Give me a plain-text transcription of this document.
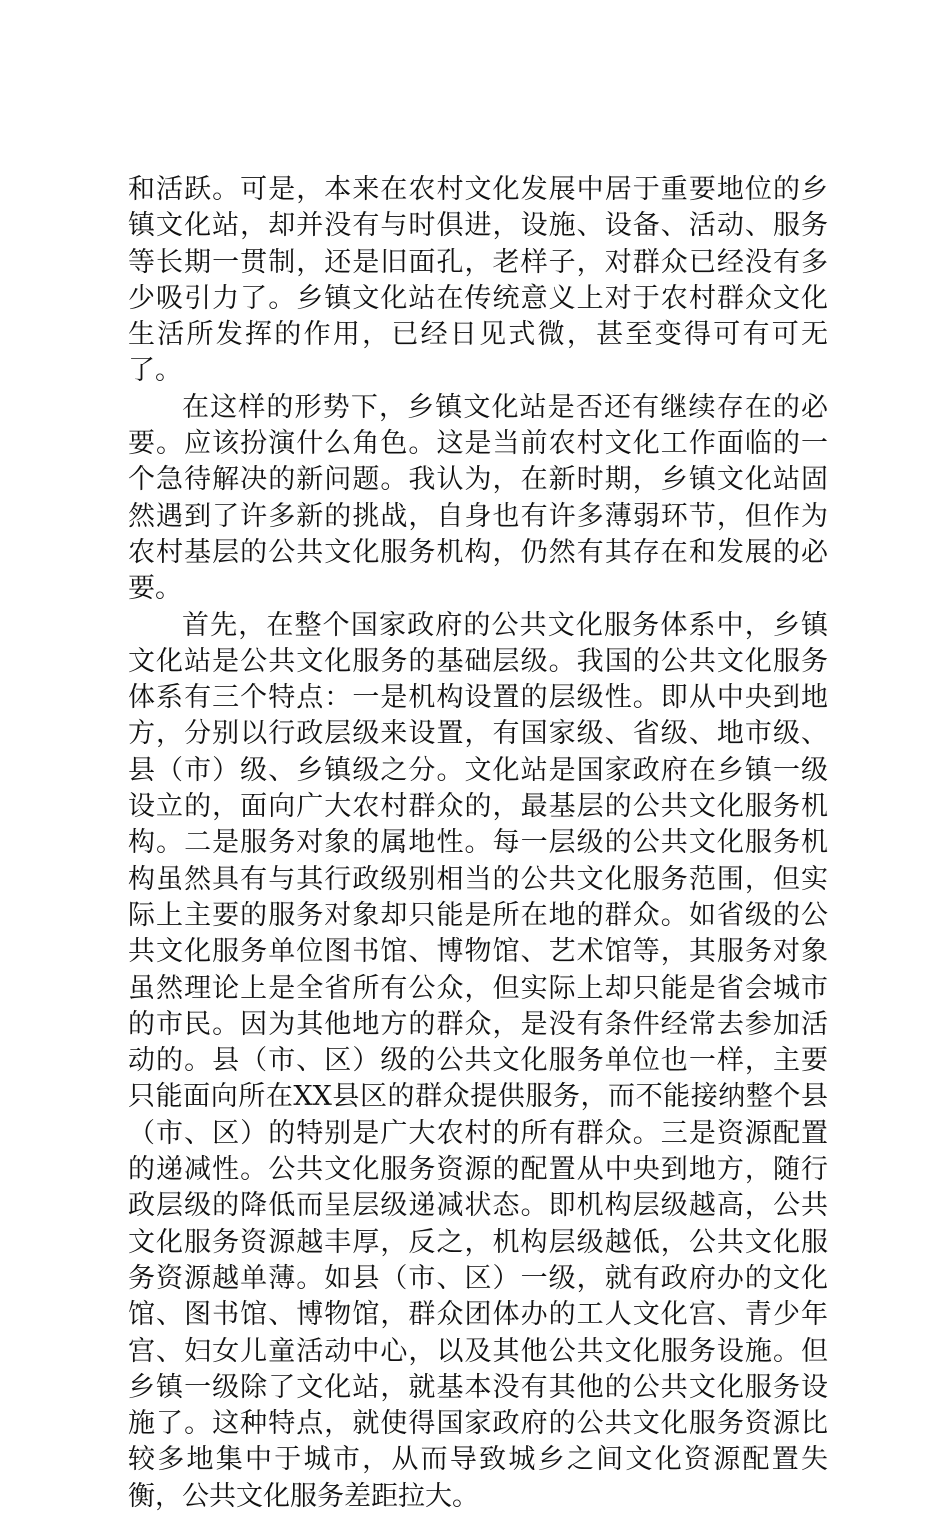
和活跃。可是，本来在农村文化发展中居于重要地位的乡镇文化站，却并没有与时俱进，设施、设备、活动、服务等长期一贯制，还是旧面孔，老样子，对群众已经没有多少吸引力了。乡镇文化站在传统意义上对于农村群众文化生活所发挥的作用，已经日见式微，甚至变得可有可无了。

在这样的形势下，乡镇文化站是否还有继续存在的必要。应该扮演什么角色。这是当前农村文化工作面临的一个急待解决的新问题。我认为，在新时期，乡镇文化站固然遇到了许多新的挑战，自身也有许多薄弱环节，但作为农村基层的公共文化服务机构，仍然有其存在和发展的必要。

首先，在整个国家政府的公共文化服务体系中，乡镇文化站是公共文化服务的基础层级。我国的公共文化服务体系有三个特点：一是机构设置的层级性。即从中央到地方，分别以行政层级来设置，有国家级、省级、地市级、县（市）级、乡镇级之分。文化站是国家政府在乡镇一级设立的，面向广大农村群众的，最基层的公共文化服务机构。二是服务对象的属地性。每一层级的公共文化服务机构虽然具有与其行政级别相当的公共文化服务范围，但实际上主要的服务对象却只能是所在地的群众。如省级的公共文化服务单位图书馆、博物馆、艺术馆等，其服务对象虽然理论上是全省所有公众，但实际上却只能是省会城市的市民。因为其他地方的群众，是没有条件经常去参加活动的。县（市、区）级的公共文化服务单位也一样，主要只能面向所在XX县区的群众提供服务，而不能接纳整个县（市、区）的特别是广大农村的所有群众。三是资源配置的递减性。公共文化服务资源的配置从中央到地方，随行政层级的降低而呈层级递减状态。即机构层级越高，公共文化服务资源越丰厚，反之，机构层级越低，公共文化服务资源越单薄。如县（市、区）一级，就有政府办的文化馆、图书馆、博物馆，群众团体办的工人文化宫、青少年宫、妇女儿童活动中心，以及其他公共文化服务设施。但乡镇一级除了文化站，就基本没有其他的公共文化服务设施了。这种特点，就使得国家政府的公共文化服务资源比较多地集中于城市，从而导致城乡之间文化资源配置失衡，公共文化服务差距拉大。
